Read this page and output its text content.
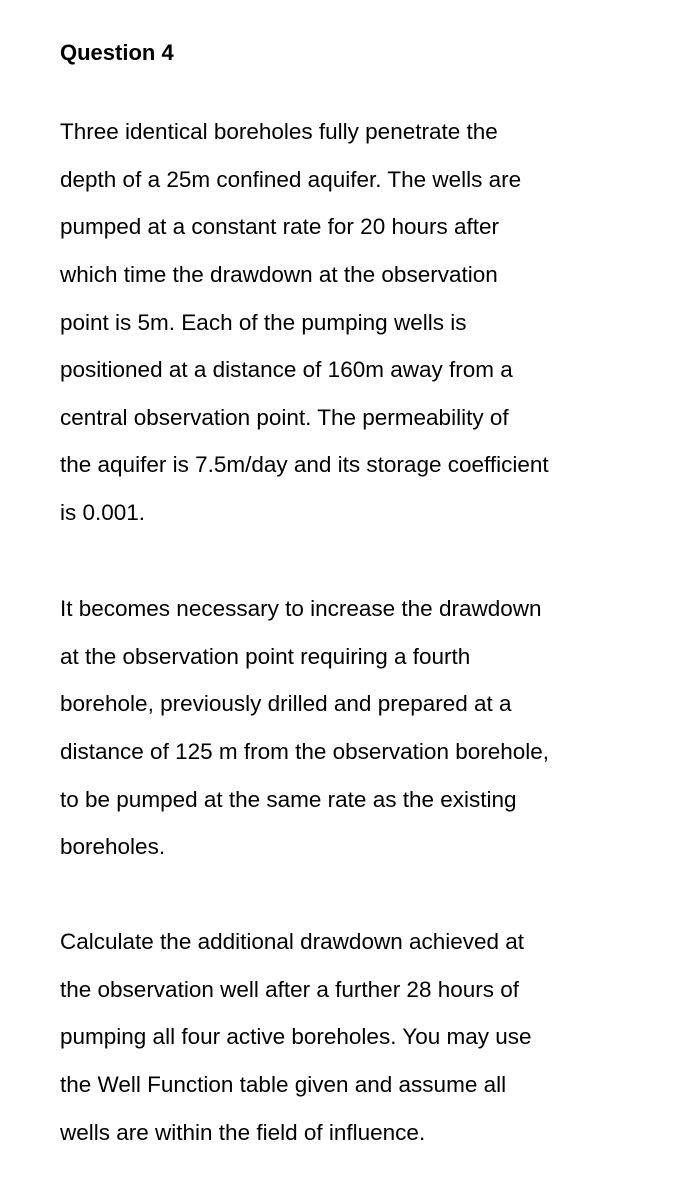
Question 4
Three identical boreholes fully penetrate the
depth of a 25m confined aquifer. The wells are
pumped at a constant rate for 20 hours after
which time the drawdown at the observation
point is 5m. Each of the pumping wells is
positioned at a distance of 160m away from a
central observation point. The permeability of
the aquifer is 7.5m/day and its storage coefficient
is 0.001.
It becomes necessary to increase the drawdown
at the observation point requiring a fourth
borehole, previously drilled and prepared at a
distance of 125 m from the observation borehole,
to be pumped at the same rate as the existing
boreholes.
Calculate the additional drawdown achieved at
the observation well after a further 28 hours of
pumping all four active boreholes. You may use
the Well Function table given and assume all
wells are within the field of influence.
